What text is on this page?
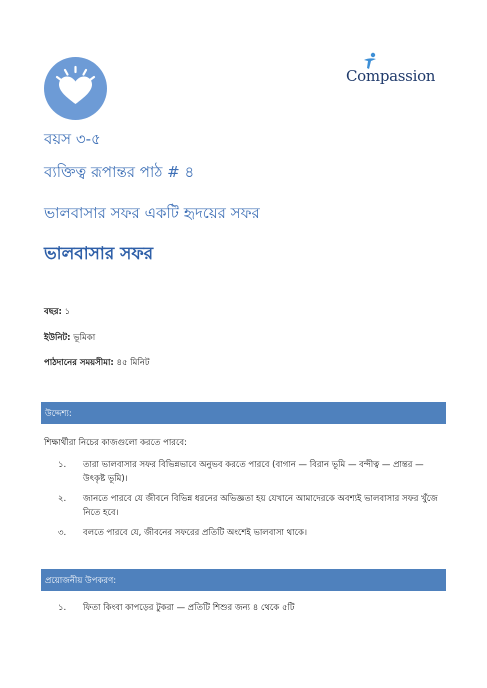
Compassion
বয়স ৩-৫
ব্যক্তিত্ব রূপান্তর পাঠ # ৪
ভালবাসার সফর একটি হৃদয়ের সফর
ভালবাসার সফর
বছর: ১
ইউনিট: ভূমিকা
পাঠদানের সময়সীমা: ৪৫ মিনিট
উদ্দেশ্য:
শিক্ষার্থীরা নিচের কাজগুলো করতে পারবে:
১. তারা ভালবাসার সফর বিভিন্নভাবে অনুভব করতে পারবে (বাগান — বিরান ভূমি — বন্দীত্ব — প্রান্তর — উৎকৃষ্ট ভূমি)।
২. জানতে পারবে যে জীবনে বিভিন্ন ধরনের অভিজ্ঞতা হয় যেখানে আমাদেরকে অবশ্যই ভালবাসার সফর খুঁজে নিতে হবে।
৩. বলতে পারবে যে, জীবনের সফরের প্রতিটি অংশেই ভালবাসা থাকে।
প্রয়োজনীয় উপকরণ:
১. ফিতা কিংবা কাপড়ের টুকরা — প্রতিটি শিশুর জন্য ৪ থেকে ৫টি
